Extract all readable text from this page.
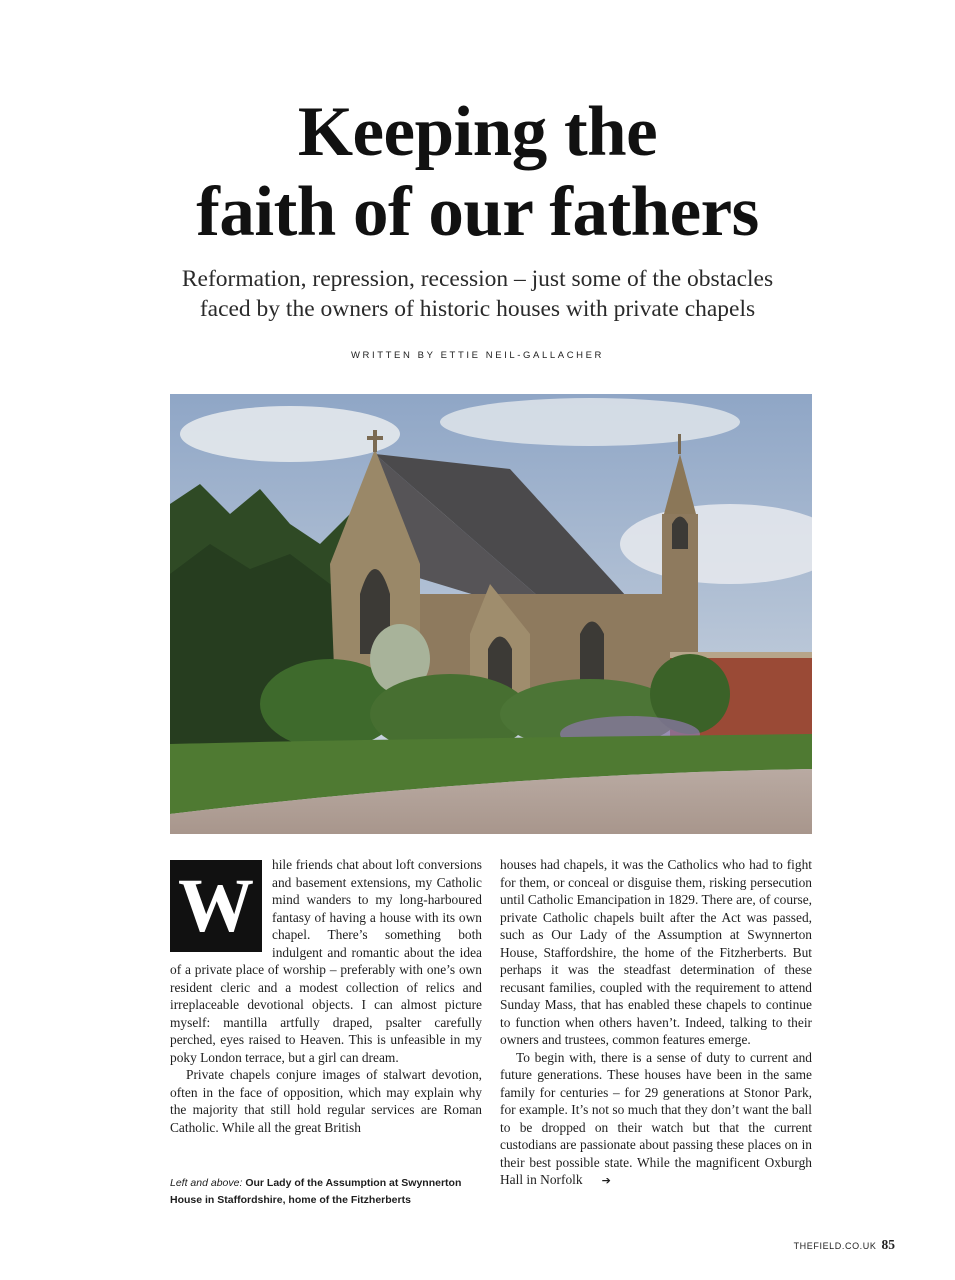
Keeping the
faith of our fathers

Reformation, repression, recession – just some of the obstacles
faced by the owners of historic houses with private chapels

WRITTEN BY ETTIE NEIL-GALLACHER

W	hile friends chat about loft conversions and basement extensions, my Catholic mind wanders to my long-harboured fantasy of having a house with its own chapel. There’s something both indulgent and romantic about the idea of a private place of worship – preferably with one’s own resident cleric and a modest collection of relics and irreplaceable devotional objects. I can almost picture myself: mantilla artfully draped, psalter carefully perched, eyes raised to Heaven. This is unfeasible in my poky London terrace, but a girl can dream.

Private chapels conjure images of stalwart devotion, often in the face of opposition, which may explain why the majority that still hold regular services are Roman Catholic. While all the great British

houses had chapels, it was the Catholics who had to fight for them, or conceal or disguise them, risking persecution until Catholic Emancipation in 1829. There are, of course, private Catholic chapels built after the Act was passed, such as Our Lady of the Assumption at Swynnerton House, Staffordshire, the home of the Fitzherberts. But perhaps it was the steadfast determination of these recusant families, coupled with the requirement to attend Sunday Mass, that has enabled these chapels to continue to function when others haven’t. Indeed, talking to their owners and trustees, common features emerge.

To begin with, there is a sense of duty to current and future generations. These houses have been in the same family for centuries – for 29 generations at Stonor Park, for example. It’s not so much that they don’t want the ball to be dropped on their watch but that the current custodians are passionate about passing these places on in their best possible state. While the magnificent Oxburgh Hall in Norfolk ➔

Left and above: Our Lady of the Assumption at Swynnerton House in Staffordshire, home of the Fitzherberts
THEFIELD.CO.UK 85
